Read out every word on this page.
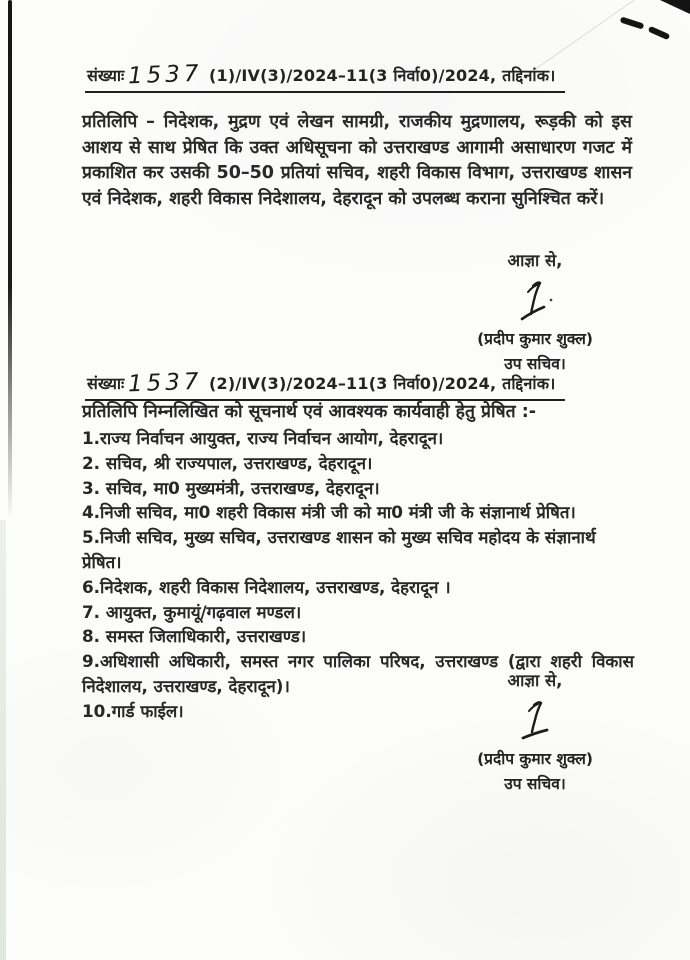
संख्याः 1537 (1)/IV(3)/2024–11(3 निर्वा0)/2024, तद्दिनांक।
प्रतिलिपि – निदेशक, मुद्रण एवं लेखन सामग्री, राजकीय मुद्रणालय, रूड़की को इस आशय से साथ प्रेषित कि उक्त अधिसूचना को उत्तराखण्ड आगामी असाधारण गजट में प्रकाशित कर उसकी 50–50 प्रतियां सचिव, शहरी विकास विभाग, उत्तराखण्ड शासन एवं निदेशक, शहरी विकास निदेशालय, देहरादून को उपलब्ध कराना सुनिश्चित करें।
आज्ञा से,
(प्रदीप कुमार शुक्ल)
उप सचिव।
संख्याः 1537 (2)/IV(3)/2024–11(3 निर्वा0)/2024, तद्दिनांक।
प्रतिलिपि निम्नलिखित को सूचनार्थ एवं आवश्यक कार्यवाही हेतु प्रेषित :-
1.राज्य निर्वाचन आयुक्त, राज्य निर्वाचन आयोग, देहरादून।
2. सचिव, श्री राज्यपाल, उत्तराखण्ड, देहरादून।
3. सचिव, मा0 मुख्यमंत्री, उत्तराखण्ड, देहरादून।
4.निजी सचिव, मा0 शहरी विकास मंत्री जी को मा0 मंत्री जी के संज्ञानार्थ प्रेषित।
5.निजी सचिव, मुख्य सचिव, उत्तराखण्ड शासन को मुख्य सचिव महोदय के संज्ञानार्थ प्रेषित।
6.निदेशक, शहरी विकास निदेशालय, उत्तराखण्ड, देहरादून ।
7. आयुक्त, कुमायूं/गढ़वाल मण्डल।
8. समस्त जिलाधिकारी, उत्तराखण्ड।
9.अधिशासी अधिकारी, समस्त नगर पालिका परिषद, उत्तराखण्ड (द्वारा शहरी विकास निदेशालय, उत्तराखण्ड, देहरादून)।
10.गार्ड फाईल।
आज्ञा से,
(प्रदीप कुमार शुक्ल)
उप सचिव।
